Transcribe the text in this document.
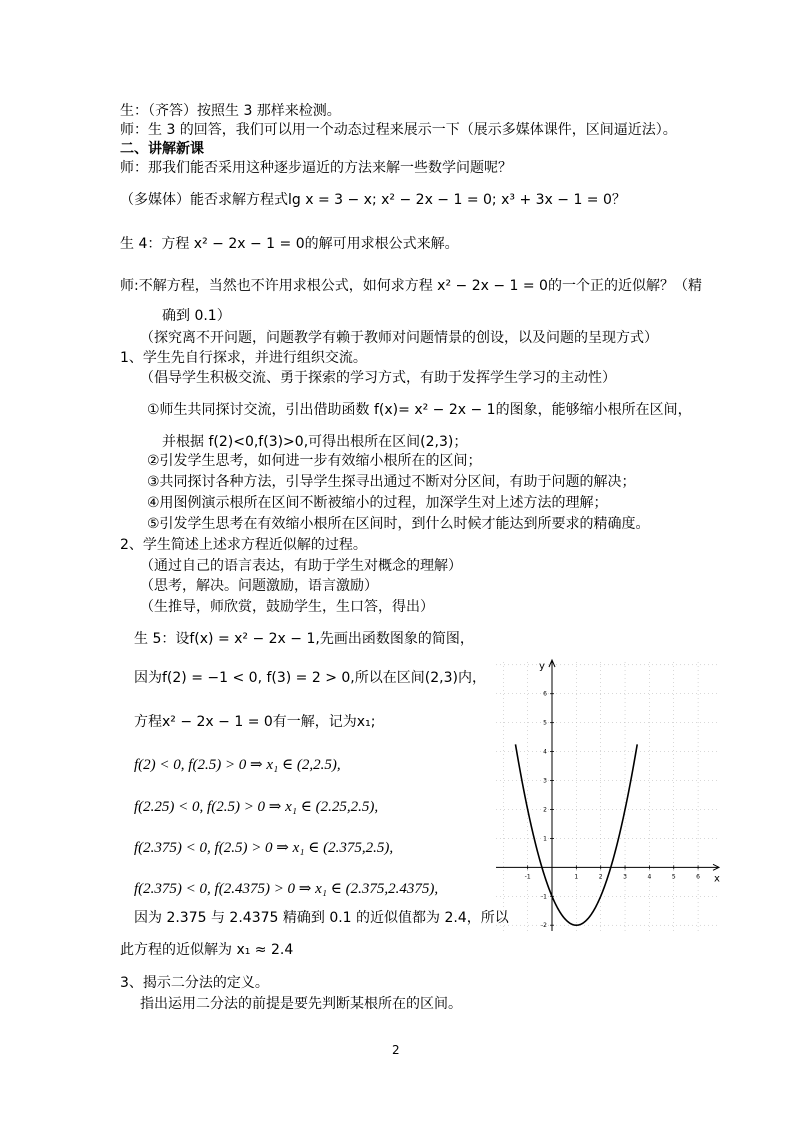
生：（齐答）按照生 3 那样来检测。
师：生 3 的回答，我们可以用一个动态过程来展示一下（展示多媒体课件，区间逼近法）。
二、讲解新课
师：那我们能否采用这种逐步逼近的方法来解一些数学问题呢？
（多媒体）能否求解方程式lg x = 3 − x; x² − 2x − 1 = 0; x³ + 3x − 1 = 0？
生 4：方程 x² − 2x − 1 = 0的解可用求根公式来解。
师:不解方程，当然也不许用求根公式，如何求方程 x² − 2x − 1 = 0的一个正的近似解？（精
确到 0.1）
（探究离不开问题，问题教学有赖于教师对问题情景的创设，以及问题的呈现方式）
1、学生先自行探求，并进行组织交流。
（倡导学生积极交流、勇于探索的学习方式，有助于发挥学生学习的主动性）
①师生共同探讨交流，引出借助函数 f(x)= x² − 2x − 1的图象，能够缩小根所在区间，
并根据 f(2)<0,f(3)>0,可得出根所在区间(2,3)；
②引发学生思考，如何进一步有效缩小根所在的区间；
③共同探讨各种方法，引导学生探寻出通过不断对分区间，有助于问题的解决；
④用图例演示根所在区间不断被缩小的过程，加深学生对上述方法的理解；
⑤引发学生思考在有效缩小根所在区间时，到什么时候才能达到所要求的精确度。
2、学生简述上述求方程近似解的过程。
（通过自己的语言表达，有助于学生对概念的理解）
（思考，解决。问题激励，语言激励）
（生推导，师欣赏，鼓励学生，生口答，得出）
生 5：设f(x) = x² − 2x − 1,先画出函数图象的简图，
因为f(2) = −1 < 0, f(3) = 2 > 0,所以在区间(2,3)内，
方程x² − 2x − 1 = 0有一解，记为x₁;
f(2) < 0, f(2.5) > 0 ⇒ x₁ ∈ (2,2.5),
f(2.25) < 0, f(2.5) > 0 ⇒ x₁ ∈ (2.25,2.5),
f(2.375) < 0, f(2.5) > 0 ⇒ x₁ ∈ (2.375,2.5),
f(2.375) < 0, f(2.4375) > 0 ⇒ x₁ ∈ (2.375,2.4375),
因为 2.375 与 2.4375 精确到 0.1 的近似值都为 2.4，所以
此方程的近似解为 x₁ ≈ 2.4
3、揭示二分法的定义。
指出运用二分法的前提是要先判断某根所在的区间。
x
y
-1	1	2	3	4	5	6
6
5
4
3
2
1
-1
-2
2
